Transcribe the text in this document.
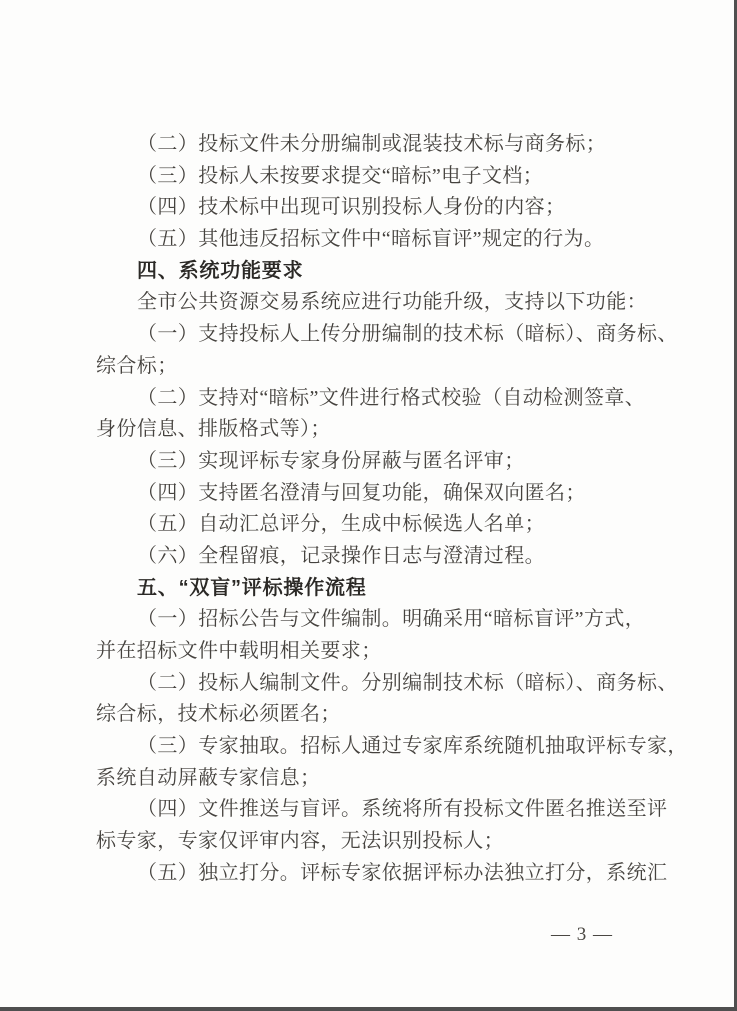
（二）投标文件未分册编制或混装技术标与商务标；
（三）投标人未按要求提交“暗标”电子文档；
（四）技术标中出现可识别投标人身份的内容；
（五）其他违反招标文件中“暗标盲评”规定的行为。
四、系统功能要求
全市公共资源交易系统应进行功能升级，支持以下功能：
（一）支持投标人上传分册编制的技术标（暗标）、商务标、
综合标；
（二）支持对“暗标”文件进行格式校验（自动检测签章、
身份信息、排版格式等）；
（三）实现评标专家身份屏蔽与匿名评审；
（四）支持匿名澄清与回复功能，确保双向匿名；
（五）自动汇总评分，生成中标候选人名单；
（六）全程留痕，记录操作日志与澄清过程。
五、“双盲”评标操作流程
（一）招标公告与文件编制。明确采用“暗标盲评”方式，
并在招标文件中载明相关要求；
（二）投标人编制文件。分别编制技术标（暗标）、商务标、
综合标，技术标必须匿名；
（三）专家抽取。招标人通过专家库系统随机抽取评标专家，
系统自动屏蔽专家信息；
（四）文件推送与盲评。系统将所有投标文件匿名推送至评
标专家，专家仅评审内容，无法识别投标人；
（五）独立打分。评标专家依据评标办法独立打分，系统汇
— 3 —
